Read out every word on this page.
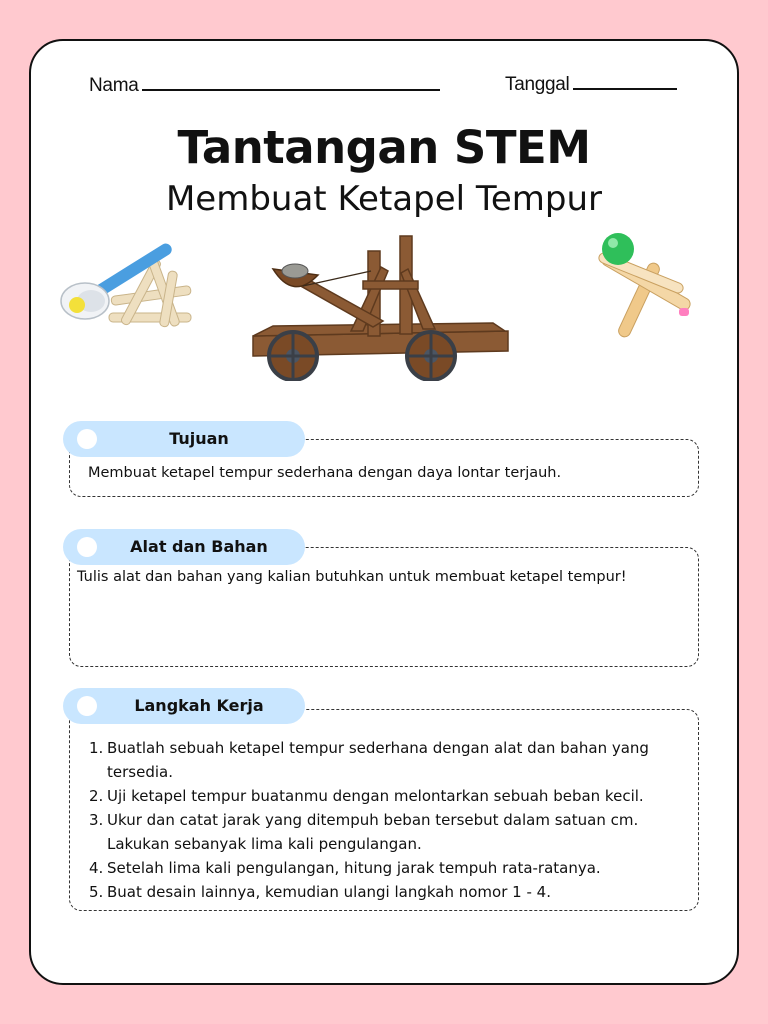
Nama	Tanggal
Tantangan STEM
Membuat Ketapel Tempur
Tujuan
Membuat ketapel tempur sederhana dengan daya lontar terjauh.
Alat dan Bahan
Tulis alat dan bahan yang kalian butuhkan untuk membuat ketapel tempur!
Langkah Kerja
1. Buatlah sebuah ketapel tempur sederhana dengan alat dan bahan yang tersedia.
2. Uji ketapel tempur buatanmu dengan melontarkan sebuah beban kecil.
3. Ukur dan catat jarak yang ditempuh beban tersebut dalam satuan cm. Lakukan sebanyak lima kali pengulangan.
4. Setelah lima kali pengulangan, hitung jarak tempuh rata-ratanya.
5. Buat desain lainnya, kemudian ulangi langkah nomor 1 - 4.
